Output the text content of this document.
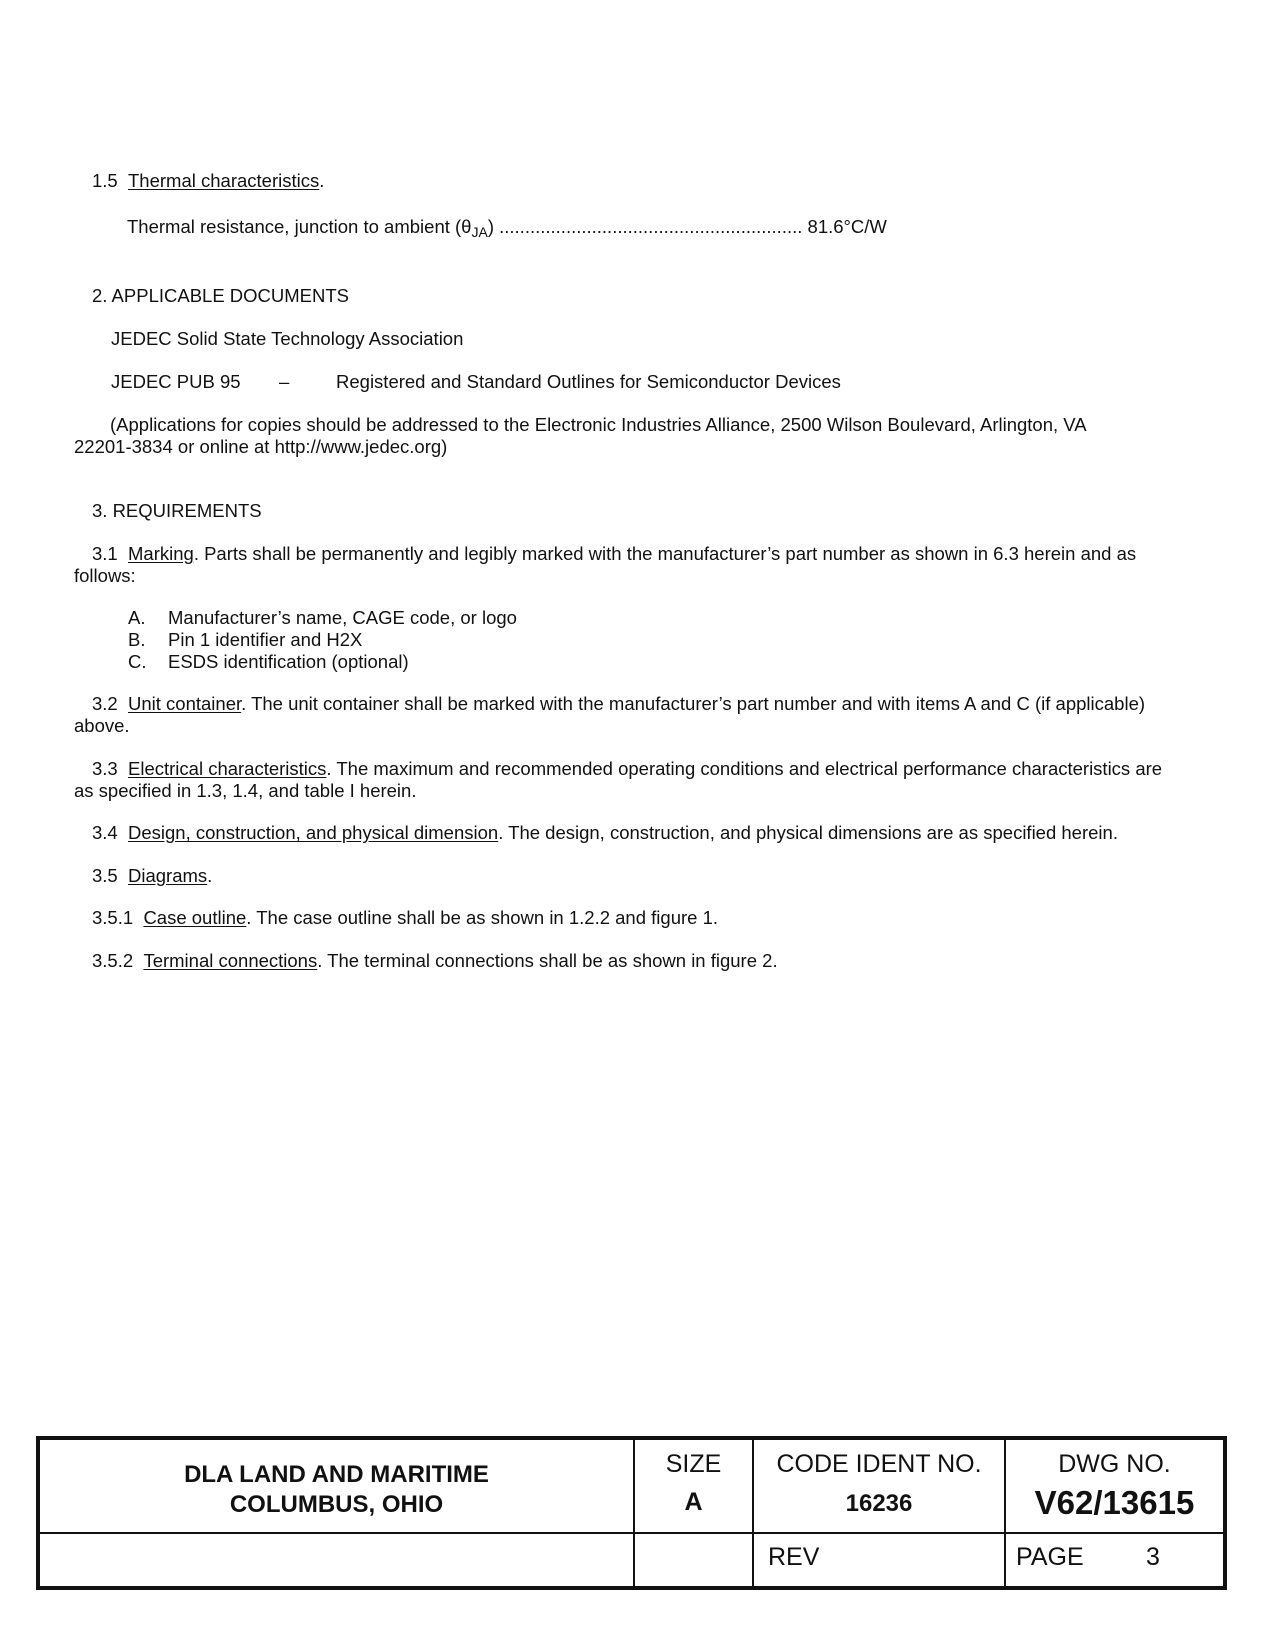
1.5 Thermal characteristics.
Thermal resistance, junction to ambient $(\theta_{JA})$ ........................................................... 81.6°C/W
2. APPLICABLE DOCUMENTS
JEDEC Solid State Technology Association
JEDEC PUB 95 –	Registered and Standard Outlines for Semiconductor Devices
(Applications for copies should be addressed to the Electronic Industries Alliance, 2500 Wilson Boulevard, Arlington, VA 22201-3834 or online at http://www.jedec.org)
3. REQUIREMENTS
3.1 Marking. Parts shall be permanently and legibly marked with the manufacturer’s part number as shown in 6.3 herein and as follows:
A. Manufacturer’s name, CAGE code, or logo
B. Pin 1 identifier and H2X
C. ESDS identification (optional)
3.2 Unit container. The unit container shall be marked with the manufacturer’s part number and with items A and C (if applicable) above.
3.3 Electrical characteristics. The maximum and recommended operating conditions and electrical performance characteristics are as specified in 1.3, 1.4, and table I herein.
3.4 Design, construction, and physical dimension. The design, construction, and physical dimensions are as specified herein.
3.5 Diagrams.
3.5.1 Case outline. The case outline shall be as shown in 1.2.2 and figure 1.
3.5.2 Terminal connections. The terminal connections shall be as shown in figure 2.
DLA LAND AND MARITIME
COLUMBUS, OHIO
SIZE
A
CODE IDENT NO.
16236
DWG NO.
V62/13615
REV	PAGE 3
